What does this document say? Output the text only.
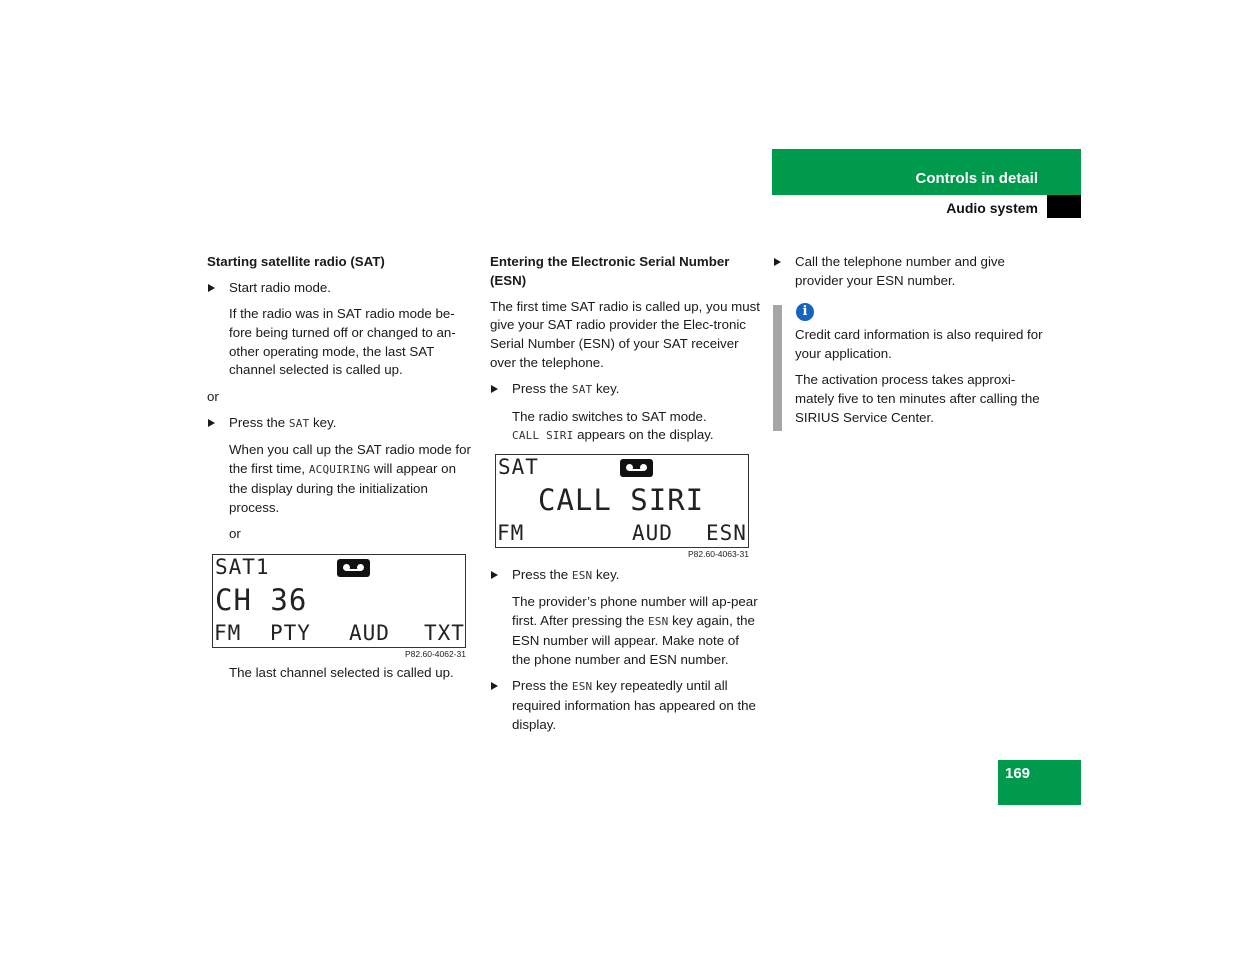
Controls in detail
Audio system
Starting satellite radio (SAT)

Start radio mode.

If the radio was in SAT radio mode be-fore being turned off or changed to an-other operating mode, the last SAT channel selected is called up.

or

Press the SAT key.

When you call up the SAT radio mode for the first time, ACQUIRING will appear on the display during the initialization process.

or

SAT1
CH 36
FM PTY AUD TXT
P82.60-4062-31
The last channel selected is called up.
Entering the Electronic Serial Number (ESN)

The first time SAT radio is called up, you must give your SAT radio provider the Elec-tronic Serial Number (ESN) of your SAT receiver over the telephone.

Press the SAT key.

The radio switches to SAT mode.

CALL SIRI appears on the display.

SAT
CALL SIRI
FM	AUD ESN
P82.60-4063-31

Press the ESN key.

The provider’s phone number will ap-pear first. After pressing the ESN key again, the ESN number will appear. Make note of the phone number and ESN number.

Press the ESN key repeatedly until all required information has appeared on the display.

Call the telephone number and give provider your ESN number.

i

Credit card information is also required for your application.

The activation process takes approxi-mately five to ten minutes after calling the SIRIUS Service Center.

169
